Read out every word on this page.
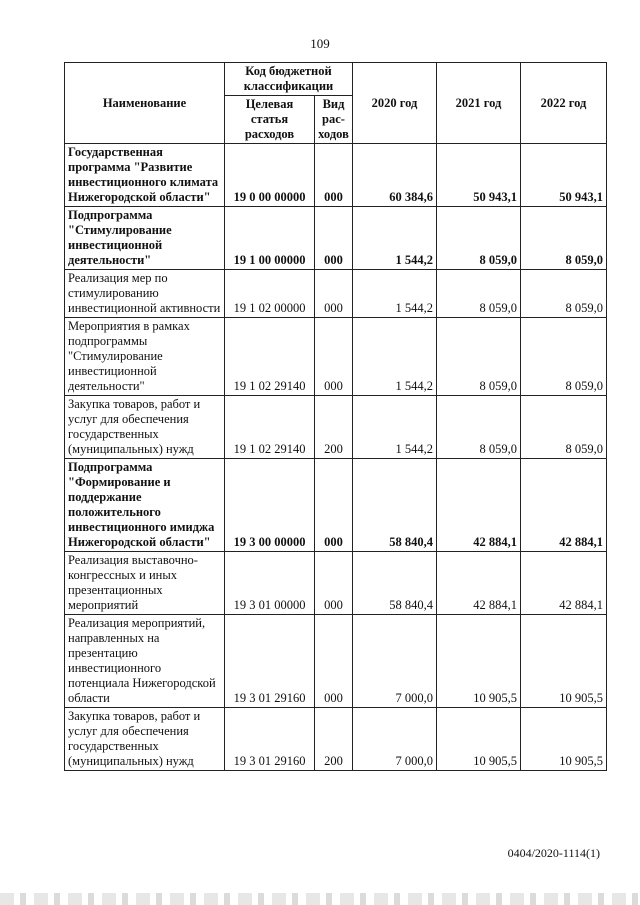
109
Наименование	Код бюджетной классификации		2020 год	2021 год	2022 год
	Целевая статья расходов	Вид рас-ходов			
Государственная программа "Развитие инвестиционного климата Нижегородской области"	19 0 00 00000	000	60 384,6	50 943,1	50 943,1
Подпрограмма "Стимулирование инвестиционной деятельности"	19 1 00 00000	000	1 544,2	8 059,0	8 059,0
Реализация мер по стимулированию инвестиционной активности	19 1 02 00000	000	1 544,2	8 059,0	8 059,0
Мероприятия в рамках подпрограммы "Стимулирование инвестиционной деятельности"	19 1 02 29140	000	1 544,2	8 059,0	8 059,0
Закупка товаров, работ и услуг для обеспечения государственных (муниципальных) нужд	19 1 02 29140	200	1 544,2	8 059,0	8 059,0
Подпрограмма "Формирование и поддержание положительного инвестиционного имиджа Нижегородской области"	19 3 00 00000	000	58 840,4	42 884,1	42 884,1
Реализация выставочно-конгрессных и иных презентационных мероприятий	19 3 01 00000	000	58 840,4	42 884,1	42 884,1
Реализация мероприятий, направленных на презентацию инвестиционного потенциала Нижегородской области	19 3 01 29160	000	7 000,0	10 905,5	10 905,5
Закупка товаров, работ и услуг для обеспечения государственных (муниципальных) нужд	19 3 01 29160	200	7 000,0	10 905,5	10 905,5
0404/2020-1114(1)
